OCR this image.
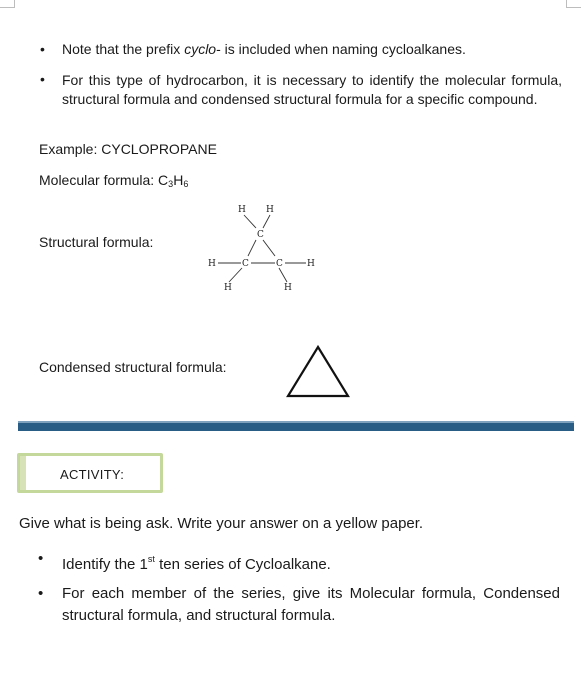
• Note that the prefix cyclo- is included when naming cycloalkanes.
• For this type of hydrocarbon, it is necessary to identify the molecular formula, structural formula and condensed structural formula for a specific compound.
Example: CYCLOPROPANE
Molecular formula: $C_3H_6$
Structural formula:
H H
C
H	C	C	H
H	H
Condensed structural formula:
ACTIVITY:
Give what is being ask. Write your answer on a yellow paper.
• Identify the 1st ten series of Cycloalkane.
• For each member of the series, give its Molecular formula, Condensed structural formula, and structural formula.
